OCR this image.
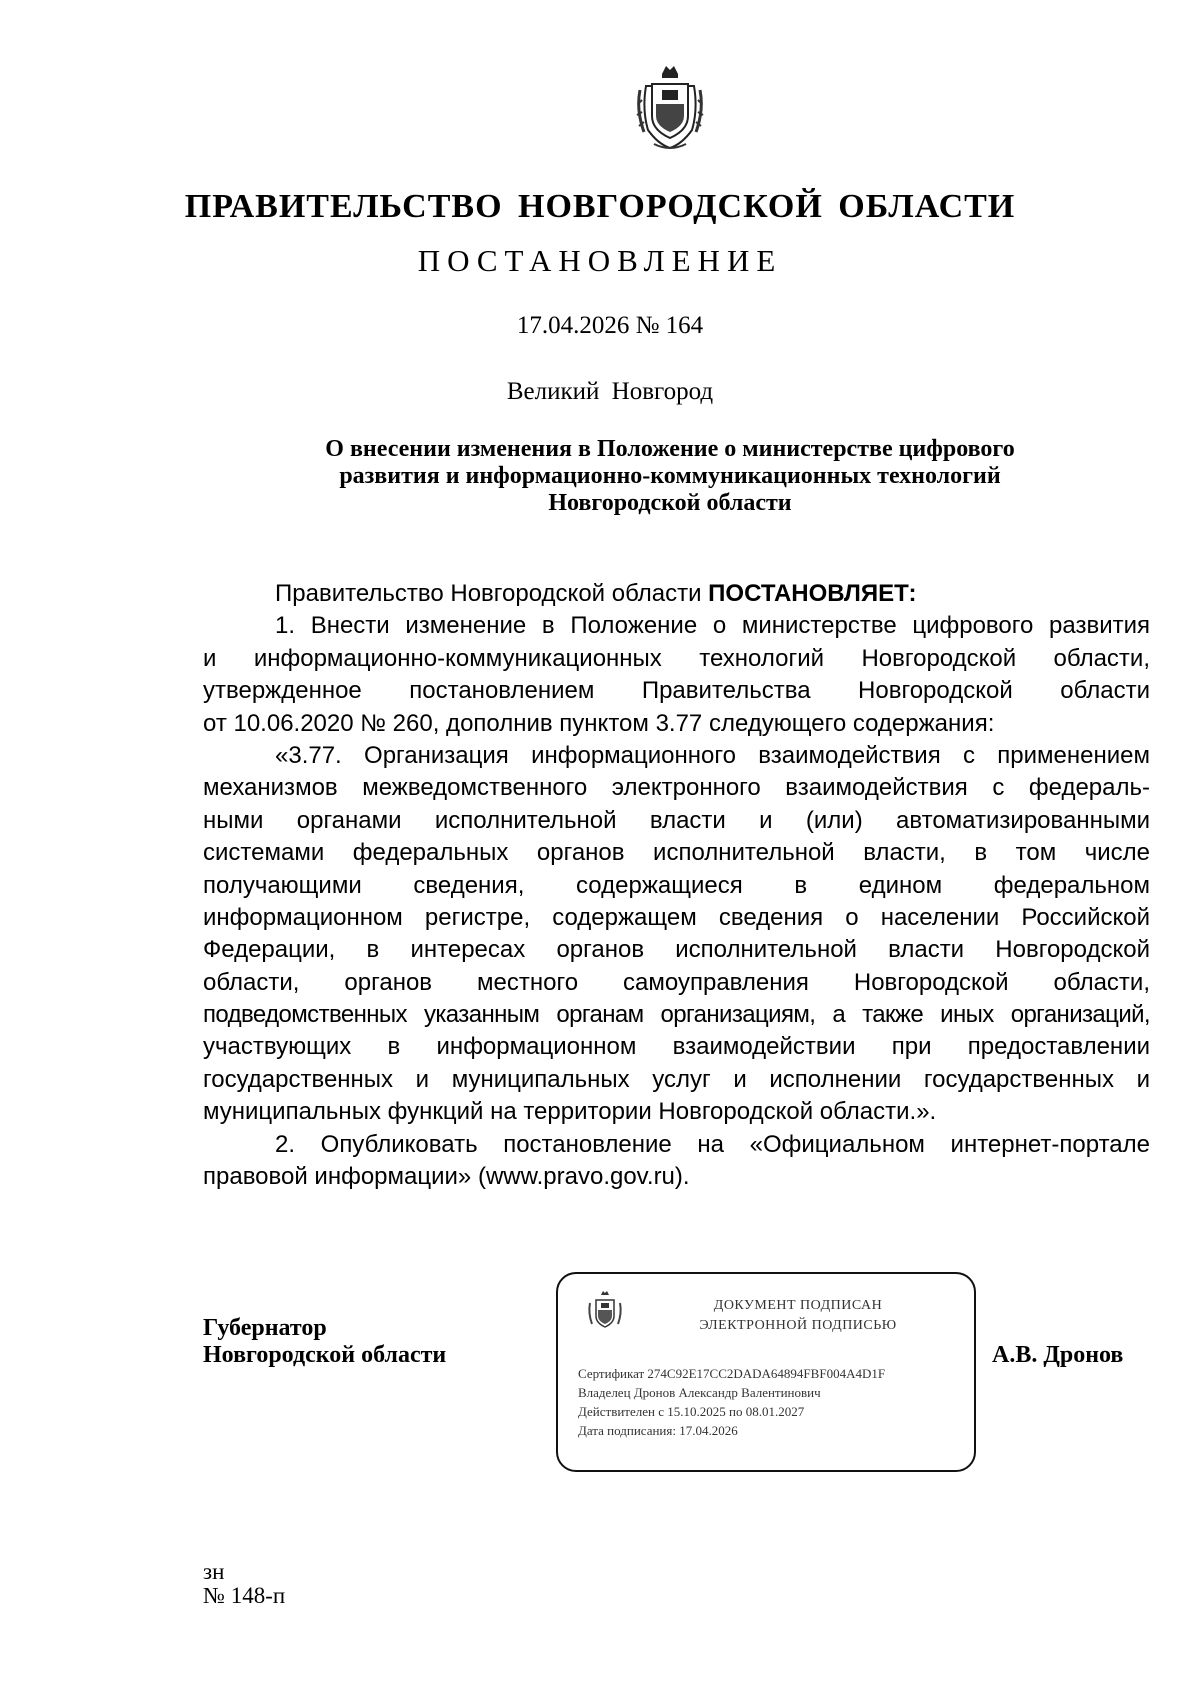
ПРАВИТЕЛЬСТВО НОВГОРОДСКОЙ ОБЛАСТИ
ПОСТАНОВЛЕНИЕ
17.04.2026 № 164
Великий Новгород
О внесении изменения в Положение о министерстве цифрового
развития и информационно-коммуникационных технологий
Новгородской области
Правительство Новгородской области ПОСТАНОВЛЯЕТ:
1. Внести изменение в Положение о министерстве цифрового развития
и информационно-коммуникационных технологий Новгородской области,
утвержденное постановлением Правительства Новгородской области
от 10.06.2020 № 260, дополнив пунктом 3.77 следующего содержания:
«3.77. Организация информационного взаимодействия с применением
механизмов межведомственного электронного взаимодействия с федераль-
ными органами исполнительной власти и (или) автоматизированными
системами федеральных органов исполнительной власти, в том числе
получающими сведения, содержащиеся в едином федеральном
информационном регистре, содержащем сведения о населении Российской
Федерации, в интересах органов исполнительной власти Новгородской
области, органов местного самоуправления Новгородской области,
подведомственных указанным органам организациям, а также иных организаций,
участвующих в информационном взаимодействии при предоставлении
государственных и муниципальных услуг и исполнении государственных и
муниципальных функций на территории Новгородской области.».
2. Опубликовать постановление на «Официальном интернет-портале
правовой информации» (www.pravo.gov.ru).
Губернатор
Новгородской области
ДОКУМЕНТ ПОДПИСАН
ЭЛЕКТРОННОЙ ПОДПИСЬЮ
Сертификат 274C92E17CC2DADA64894FBF004A4D1F
Владелец Дронов Александр Валентинович
Действителен с 15.10.2025 по 08.01.2027
Дата подписания: 17.04.2026
А.В. Дронов
зн
№ 148-п
